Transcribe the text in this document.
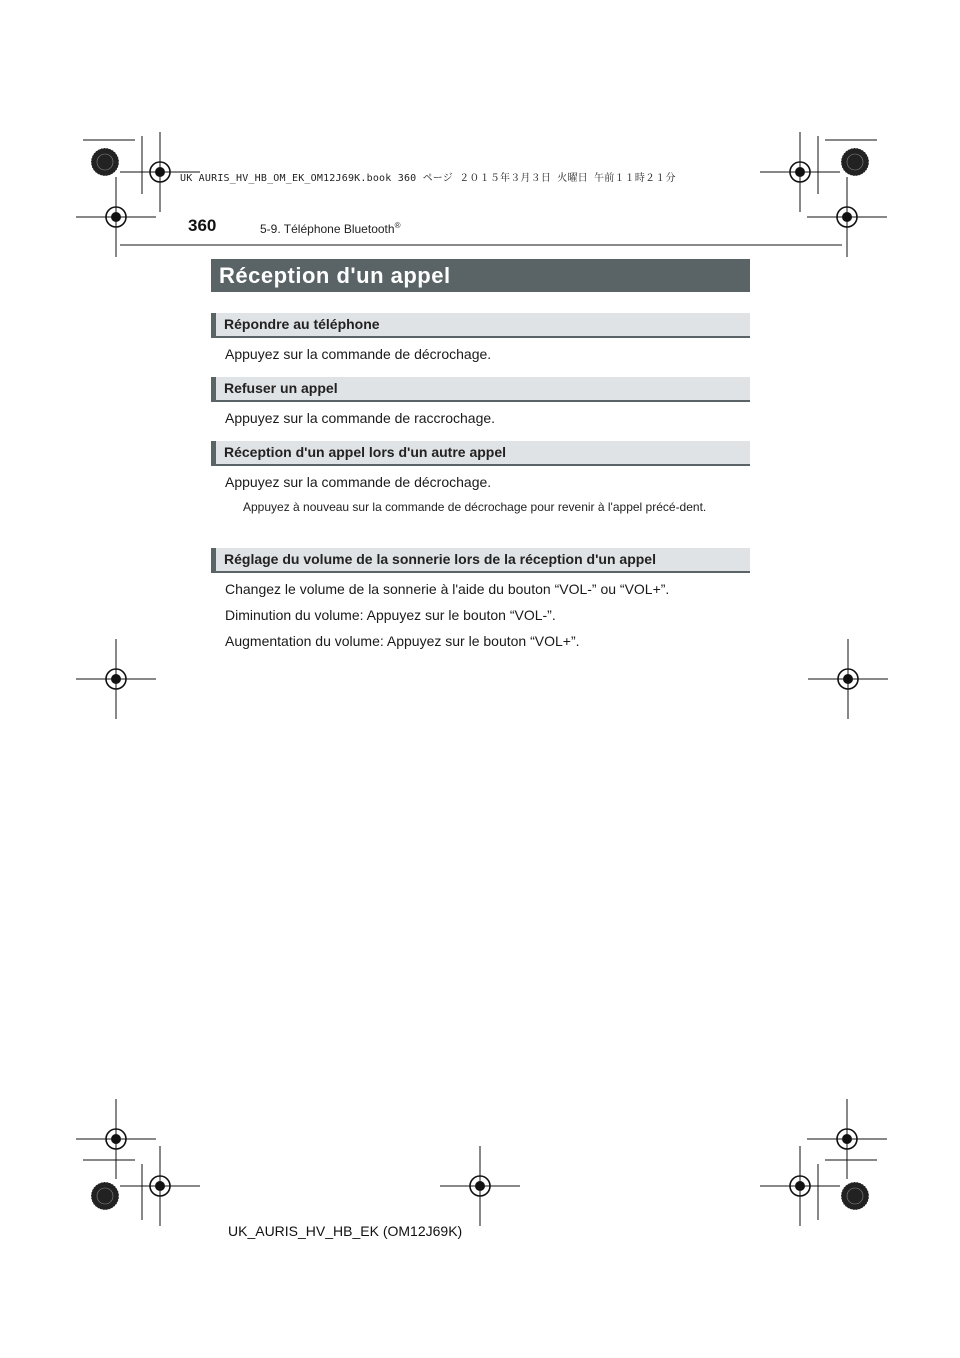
UK AURIS_HV_HB_OM_EK_OM12J69K.book 360 ページ ２０１５年３月３日 火曜日 午前１１時２１分
360	5-9. Téléphone Bluetooth®
Réception d'un appel
Répondre au téléphone
Appuyez sur la commande de décrochage.
Refuser un appel
Appuyez sur la commande de raccrochage.
Réception d'un appel lors d'un autre appel
Appuyez sur la commande de décrochage.
Appuyez à nouveau sur la commande de décrochage pour revenir à l'appel précé-dent.
Réglage du volume de la sonnerie lors de la réception d'un appel
Changez le volume de la sonnerie à l'aide du bouton “VOL-” ou “VOL+”.
Diminution du volume: Appuyez sur le bouton “VOL-”.
Augmentation du volume: Appuyez sur le bouton “VOL+”.
UK_AURIS_HV_HB_EK (OM12J69K)
